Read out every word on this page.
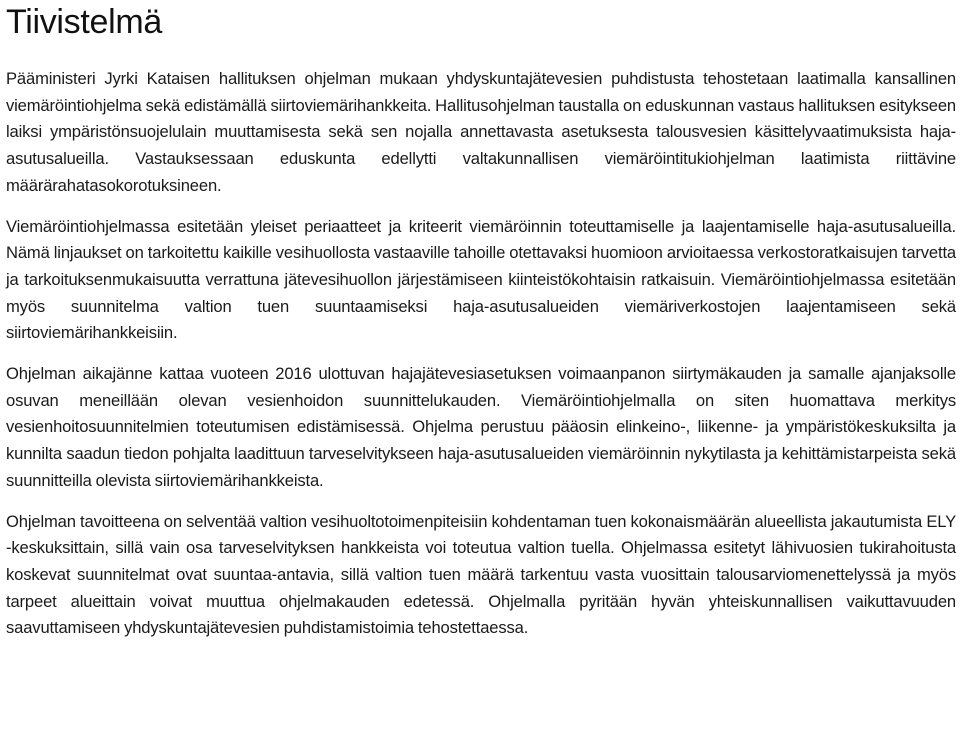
Tiivistelmä

Pääministeri Jyrki Kataisen hallituksen ohjelman mukaan yhdyskuntajätevesien puhdistusta tehostetaan laatimalla kansallinen viemäröintiohjelma sekä edistämällä siirtoviemärihankkeita. Hallitusohjelman taustalla on eduskunnan vastaus hallituksen esitykseen laiksi ympäristönsuojelulain muuttamisesta sekä sen nojalla annettavasta asetuksesta talousvesien käsittelyvaatimuksista haja-asutusalueilla. Vastauksessaan eduskunta edellytti valtakunnallisen viemäröintitukiohjelman laatimista riittävine määrärahatasokorotuksineen.

Viemäröintiohjelmassa esitetään yleiset periaatteet ja kriteerit viemäröinnin toteuttamiselle ja laajentamiselle haja-asutusalueilla. Nämä linjaukset on tarkoitettu kaikille vesihuollosta vastaaville tahoille otettavaksi huomioon arvioitaessa verkostoratkaisujen tarvetta ja tarkoituksenmukaisuutta verrattuna jätevesihuollon järjestämiseen kiinteistökohtaisin ratkaisuin. Viemäröintiohjelmassa esitetään myös suunnitelma valtion tuen suuntaamiseksi haja-asutusalueiden viemäriverkostojen laajentamiseen sekä siirtoviemärihankkeisiin.

Ohjelman aikajänne kattaa vuoteen 2016 ulottuvan hajajätevesiasetuksen voimaanpanon siirtymäkauden ja samalle ajanjaksolle osuvan meneillään olevan vesienhoidon suunnittelukauden. Viemäröintiohjelmalla on siten huomattava merkitys vesienhoitosuunnitelmien toteutumisen edistämisessä. Ohjelma perustuu pääosin elinkeino-, liikenne- ja ympäristökeskuksilta ja kunnilta saadun tiedon pohjalta laadittuun tarveselvitykseen haja-asutusalueiden viemäröinnin nykytilasta ja kehittämistarpeista sekä suunnitteilla olevista siirtoviemärihankkeista.

Ohjelman tavoitteena on selventää valtion vesihuoltotoimenpiteisiin kohdentaman tuen kokonaismäärän alueellista jakautumista ELY -keskuksittain, sillä vain osa tarveselvityksen hankkeista voi toteutua valtion tuella. Ohjelmassa esitetyt lähivuosien tukirahoitusta koskevat suunnitelmat ovat suuntaa-antavia, sillä valtion tuen määrä tarkentuu vasta vuosittain talousarviomenettelyssä ja myös tarpeet alueittain voivat muuttua ohjelmakauden edetessä. Ohjelmalla pyritään hyvän yhteiskunnallisen vaikuttavuuden saavuttamiseen yhdyskuntajätevesien puhdistamistoimia tehostettaessa.
